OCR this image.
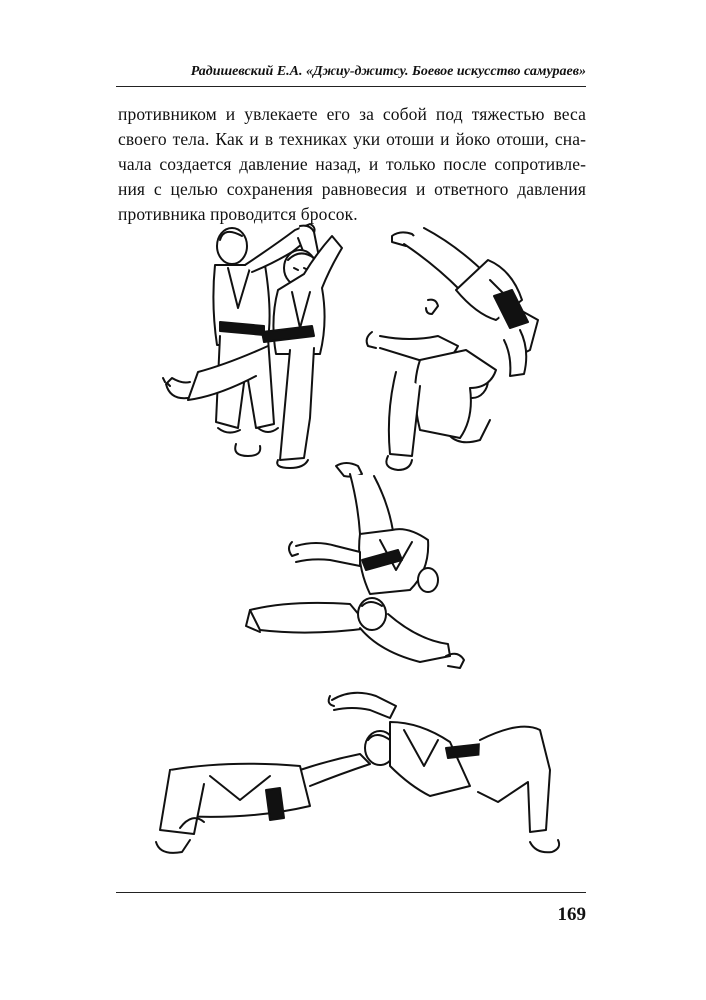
Радишевский Е.А. «Джиу-джитсу. Боевое искусство самураев»

противником и увлекаете его за собой под тяжестью веса

своего тела. Как и в техниках уки отоши и йоко отоши, сна-

чала создается давление назад, и только после сопротивле-

ния с целью сохранения равновесия и ответного давления

противника проводится бросок.

169
